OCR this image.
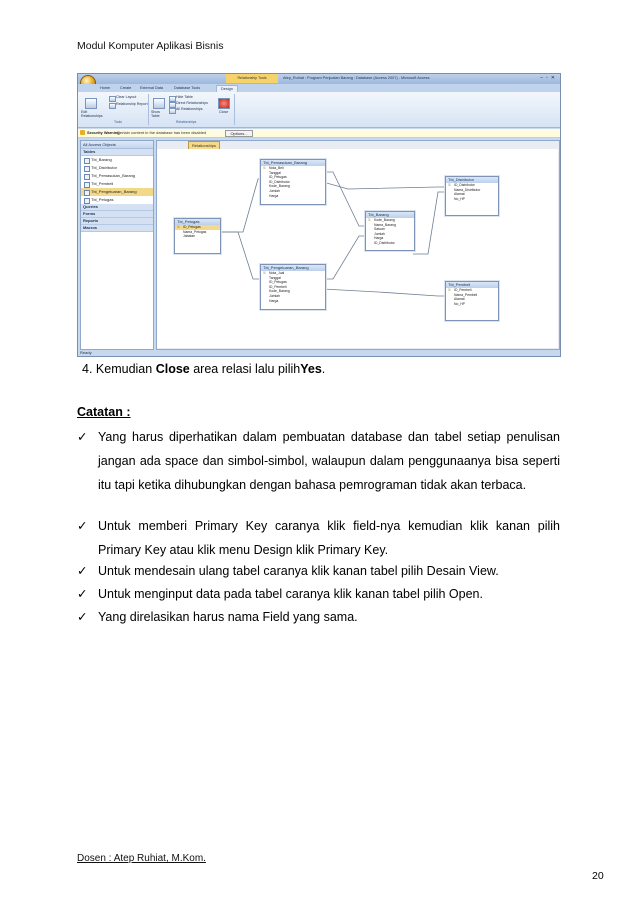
Modul Komputer Aplikasi Bisnis
Relationship Tools	Atep_Ruhiat : Program Penjualan Barang : Database (Access 2007) - Microsoft Access	–▫✕
Home	Create External Data	Database Tools	Design
Edit Relationships
Clear Layout
Relationship Report
Tools
Show Table
Hide Table
Direct Relationships
All Relationships
Close
Relationships
Security Warning
Certain content in the database has been disabled	Options...
All Access Objects
Tables
Tbl_Barang
Tbl_Distributor
Tbl_Pemasukan_Barang
Tbl_Pembeli
Tbl_Pengeluaran_Barang
Tbl_Petugas
Queries
Forms
Reports
Macros
Relationships
Tbl_Petugas
⚿ ID_Petugas
Nama_Petugas
Jabatan
Tbl_Pemasukan_Barang
⚿ Nota_Beli
Tanggal
ID_Petugas
ID_Distributor
Kode_Barang
Jumlah
Harga
Tbl_Pengeluaran_Barang
⚿ Nota_Jual
Tanggal
ID_Petugas
ID_Pembeli
Kode_Barang
Jumlah
Harga
Tbl_Barang
⚿ Kode_Barang
Nama_Barang
Satuan
Jumlah
Harga
ID_Distributor
Tbl_Distributor
⚿ ID_Distributor
Nama_Distributor
Alamat
No_HP
Tbl_Pembeli
⚿ ID_Pembeli
Nama_Pembeli
Alamat
No_HP
Ready
4. Kemudian Close area relasi lalu pilihYes.
Catatan :
✓ Yang harus diperhatikan dalam pembuatan database dan tabel setiap penulisan jangan ada space dan simbol-simbol, walaupun dalam penggunaanya bisa seperti itu tapi ketika dihubungkan dengan bahasa pemrograman tidak akan terbaca.
✓ Untuk memberi Primary Key caranya klik field-nya kemudian klik kanan pilih Primary Key atau klik menu Design klik Primary Key.
✓ Untuk mendesain ulang tabel caranya klik kanan tabel pilih Desain View.
✓ Untuk menginput data pada tabel caranya klik kanan tabel pilih Open.
✓ Yang direlasikan harus nama Field yang sama.
Dosen : Atep Ruhiat, M.Kom.
20
